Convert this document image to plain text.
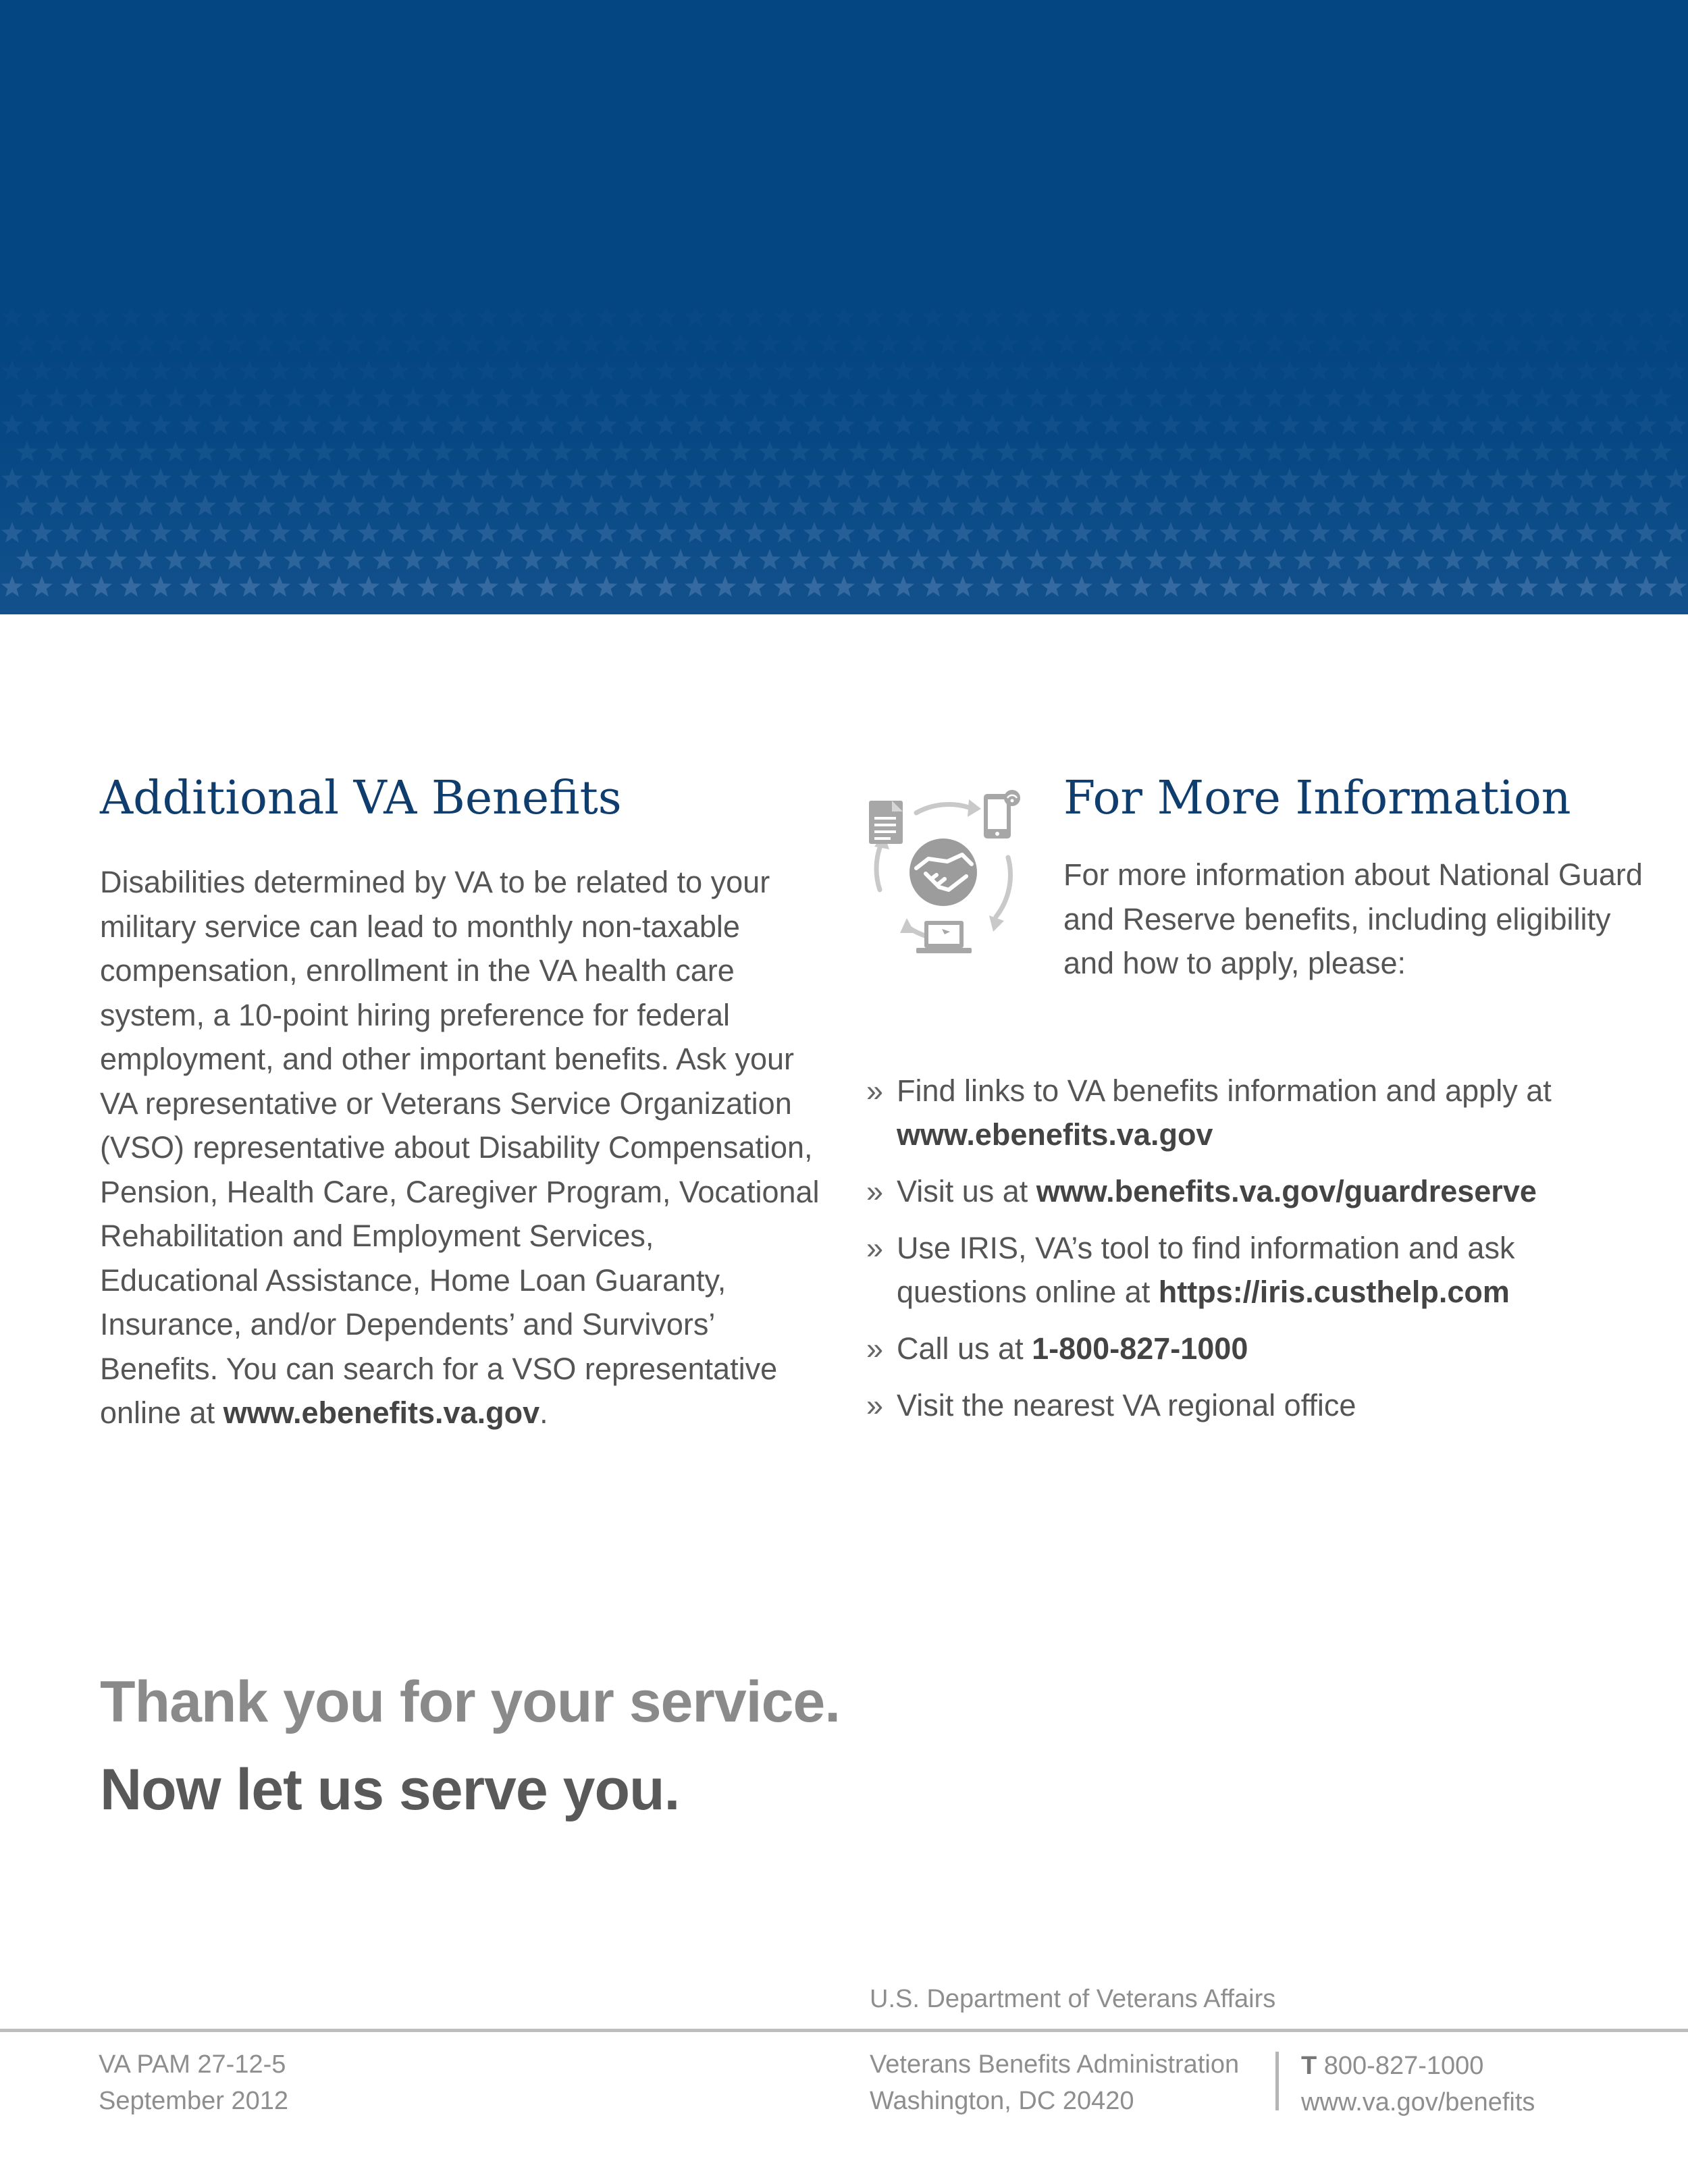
Additional VA Benefits

Disabilities determined by VA to be related to your military service can lead to monthly non-taxable compensation, enrollment in the VA health care system, a 10-point hiring preference for federal employment, and other important benefits. Ask your VA representative or Veterans Service Organization (VSO) representative about Disability Compensation, Pension, Health Care, Caregiver Program, Vocational Rehabilitation and Employment Services, Educational Assistance, Home Loan Guaranty, Insurance, and/or Dependents’ and Survivors’ Benefits. You can search for a VSO representative online at www.ebenefits.va.gov.

For More Information

For more information about National Guard and Reserve benefits, including eligibility and how to apply, please:

» Find links to VA benefits information and apply at www.ebenefits.va.gov
» Visit us at www.benefits.va.gov/guardreserve
» Use IRIS, VA’s tool to find information and ask questions online at https://iris.custhelp.com
» Call us at 1-800-827-1000
» Visit the nearest VA regional office

Thank you for your service.

Now let us serve you.

U.S. Department of Veterans Affairs

VA PAM 27-12-5

September 2012

Veterans Benefits Administration

Washington, DC 20420

T 800-827-1000

www.va.gov/benefits
